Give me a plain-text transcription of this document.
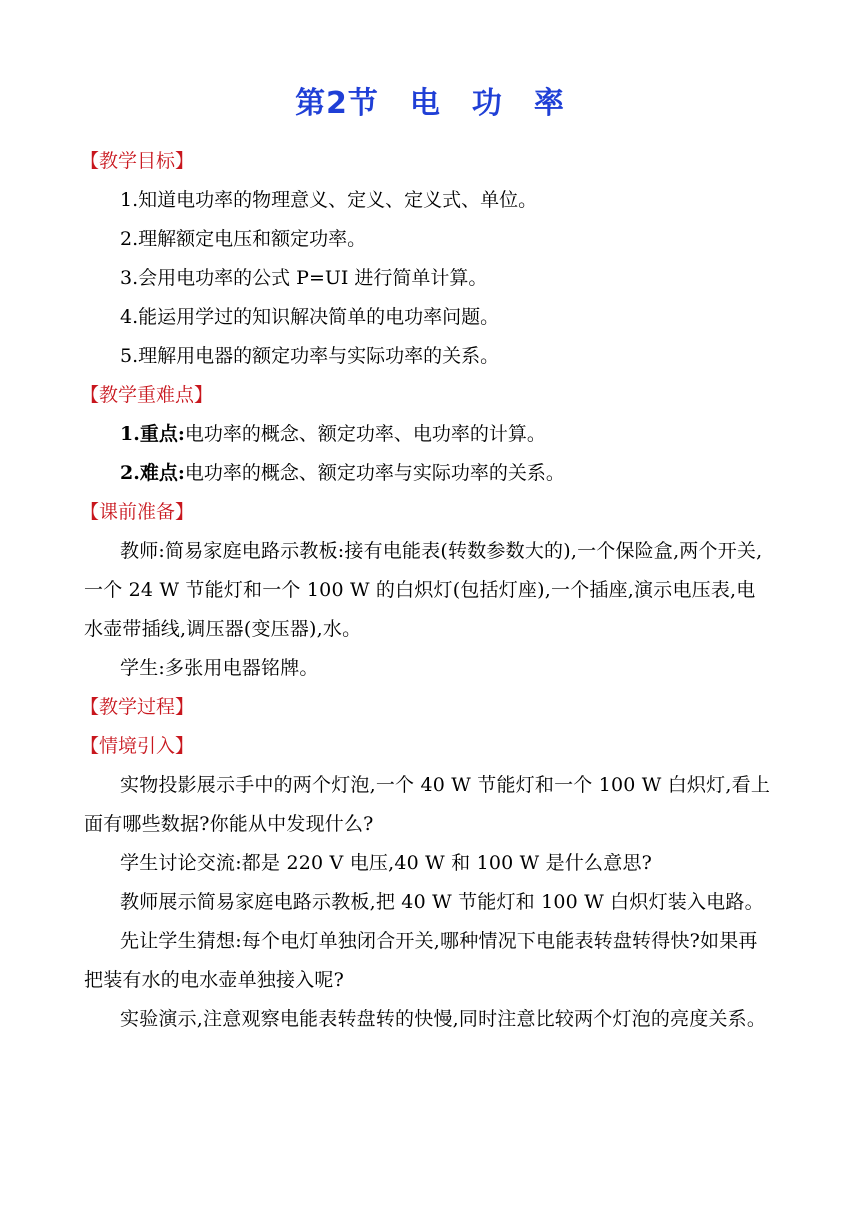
第2节　电　功　率
【教学目标】
1.知道电功率的物理意义、定义、定义式、单位。
2.理解额定电压和额定功率。
3.会用电功率的公式 P=UI 进行简单计算。
4.能运用学过的知识解决简单的电功率问题。
5.理解用电器的额定功率与实际功率的关系。
【教学重难点】
1.重点:电功率的概念、额定功率、电功率的计算。
2.难点:电功率的概念、额定功率与实际功率的关系。
【课前准备】
教师:简易家庭电路示教板:接有电能表(转数参数大的),一个保险盒,两个开关,一个 24 W 节能灯和一个 100 W 的白炽灯(包括灯座),一个插座,演示电压表,电水壶带插线,调压器(变压器),水。
学生:多张用电器铭牌。
【教学过程】
【情境引入】
实物投影展示手中的两个灯泡,一个 40 W 节能灯和一个 100 W 白炽灯,看上面有哪些数据?你能从中发现什么?
学生讨论交流:都是 220 V 电压,40 W 和 100 W 是什么意思?
教师展示简易家庭电路示教板,把 40 W 节能灯和 100 W 白炽灯装入电路。
先让学生猜想:每个电灯单独闭合开关,哪种情况下电能表转盘转得快?如果再把装有水的电水壶单独接入呢?
实验演示,注意观察电能表转盘转的快慢,同时注意比较两个灯泡的亮度关系。
